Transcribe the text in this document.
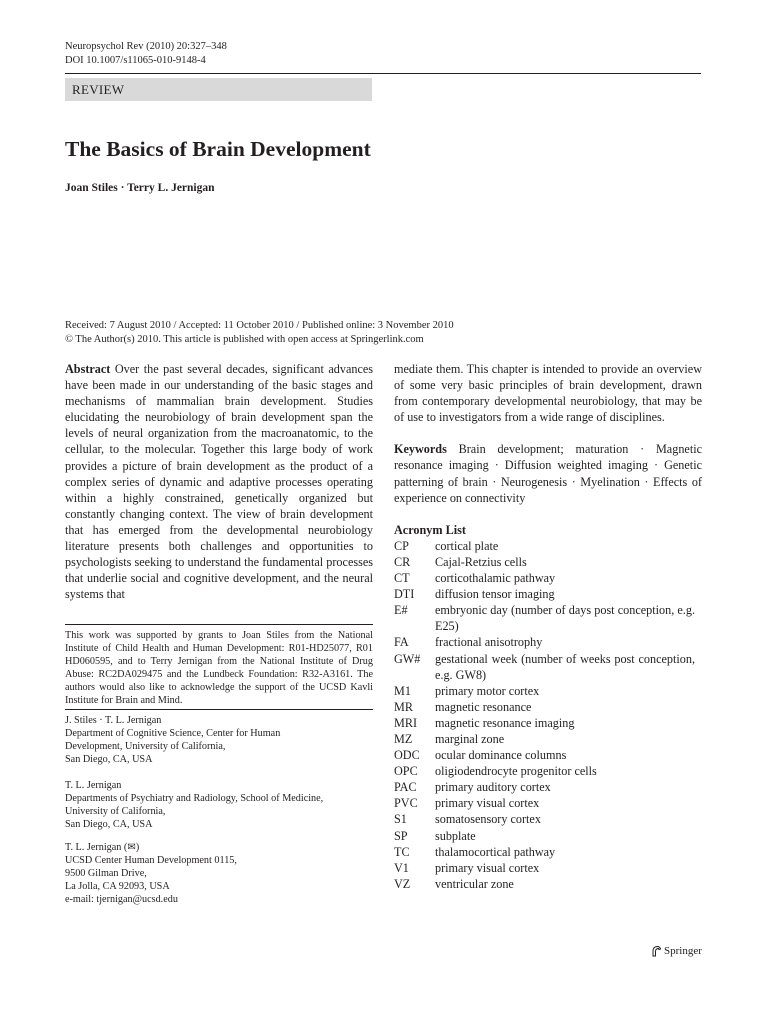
Neuropsychol Rev (2010) 20:327–348
DOI 10.1007/s11065-010-9148-4
REVIEW
The Basics of Brain Development
Joan Stiles · Terry L. Jernigan
Received: 7 August 2010 / Accepted: 11 October 2010 / Published online: 3 November 2010
© The Author(s) 2010. This article is published with open access at Springerlink.com

Abstract Over the past several decades, significant advances have been made in our understanding of the basic stages and mechanisms of mammalian brain development. Studies elucidating the neurobiology of brain development span the levels of neural organization from the macroanatomic, to the cellular, to the molecular. Together this large body of work provides a picture of brain development as the product of a complex series of dynamic and adaptive processes operating within a highly constrained, genetically organized but constantly changing context. The view of brain development that has emerged from the developmental neurobiology literature presents both challenges and opportunities to psychologists seeking to understand the fundamental processes that underlie social and cognitive development, and the neural systems that

This work was supported by grants to Joan Stiles from the National Institute of Child Health and Human Development: R01-HD25077, R01 HD060595, and to Terry Jernigan from the National Institute of Drug Abuse: RC2DA029475 and the Lundbeck Foundation: R32-A3161. The authors would also like to acknowledge the support of the UCSD Kavli Institute for Brain and Mind.
J. Stiles · T. L. Jernigan
Department of Cognitive Science, Center for Human
Development, University of California,
San Diego, CA, USA
T. L. Jernigan
Departments of Psychiatry and Radiology, School of Medicine,
University of California,
San Diego, CA, USA
T. L. Jernigan (✉)
UCSD Center Human Development 0115,
9500 Gilman Drive,
La Jolla, CA 92093, USA
e-mail: tjernigan@ucsd.edu

mediate them. This chapter is intended to provide an overview of some very basic principles of brain development, drawn from contemporary developmental neurobiology, that may be of use to investigators from a wide range of disciplines.

Keywords Brain development; maturation · Magnetic resonance imaging · Diffusion weighted imaging · Genetic patterning of brain · Neurogenesis · Myelination · Effects of experience on connectivity

Acronym List
CP	cortical plate
CR	Cajal-Retzius cells
CT	corticothalamic pathway
DTI	diffusion tensor imaging
E#	embryonic day (number of days post conception, e.g. E25)
FA	fractional anisotrophy
GW#	gestational week (number of weeks post conception, e.g. GW8)
M1	primary motor cortex
MR	magnetic resonance
MRI	magnetic resonance imaging
MZ	marginal zone
ODC	ocular dominance columns
OPC	oligiodendrocyte progenitor cells
PAC	primary auditory cortex
PVC	primary visual cortex
S1	somatosensory cortex
SP	subplate
TC	thalamocortical pathway
V1	primary visual cortex
VZ	ventricular zone
Springer
